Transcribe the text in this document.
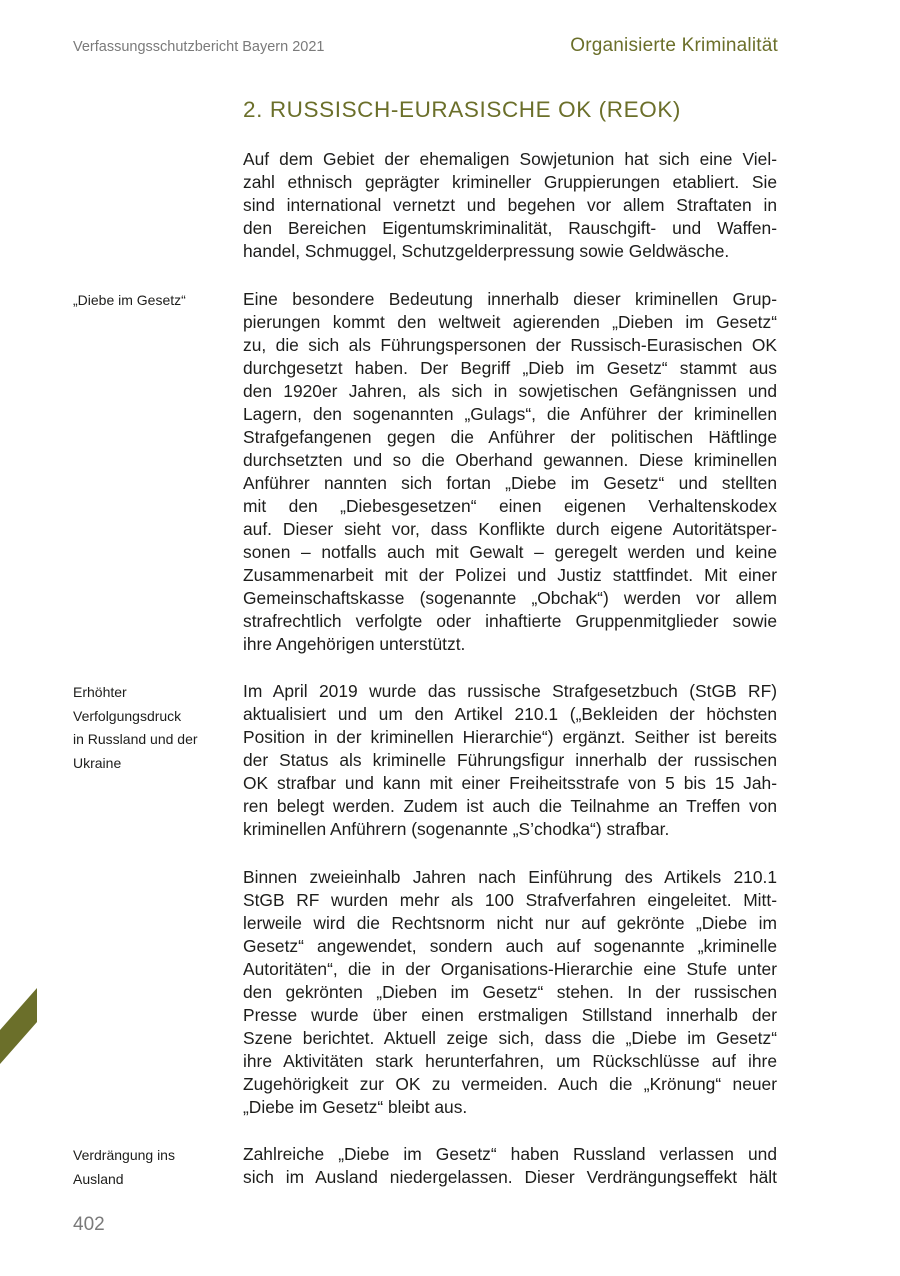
Verfassungsschutzbericht Bayern 2021	Organisierte Kriminalität
2. RUSSISCH-EURASISCHE OK (REOK)
Auf dem Gebiet der ehemaligen Sowjetunion hat sich eine Viel-
zahl ethnisch geprägter krimineller Gruppierungen etabliert. Sie
sind international vernetzt und begehen vor allem Straftaten in
den Bereichen Eigentumskriminalität, Rauschgift- und Waffen-
handel, Schmuggel, Schutzgelderpressung sowie Geldwäsche.
Eine besondere Bedeutung innerhalb dieser kriminellen Grup-
pierungen kommt den weltweit agierenden „Dieben im Gesetz“
zu, die sich als Führungspersonen der Russisch-Eurasischen OK
durchgesetzt haben. Der Begriff „Dieb im Gesetz“ stammt aus
den 1920er Jahren, als sich in sowjetischen Gefängnissen und
Lagern, den sogenannten „Gulags“, die Anführer der kriminellen
Strafgefangenen gegen die Anführer der politischen Häftlinge
durchsetzten und so die Oberhand gewannen. Diese kriminellen
Anführer nannten sich fortan „Diebe im Gesetz“ und stellten
mit den „Diebesgesetzen“ einen eigenen Verhaltenskodex
auf. Dieser sieht vor, dass Konflikte durch eigene Autoritätsper-
sonen – notfalls auch mit Gewalt – geregelt werden und keine
Zusammenarbeit mit der Polizei und Justiz stattfindet. Mit einer
Gemeinschaftskasse (sogenannte „Obchak“) werden vor allem
strafrechtlich verfolgte oder inhaftierte Gruppenmitglieder sowie
ihre Angehörigen unterstützt.
Im April 2019 wurde das russische Strafgesetzbuch (StGB RF)
aktualisiert und um den Artikel 210.1 („Bekleiden der höchsten
Position in der kriminellen Hierarchie“) ergänzt. Seither ist bereits
der Status als kriminelle Führungsfigur innerhalb der russischen
OK strafbar und kann mit einer Freiheitsstrafe von 5 bis 15 Jah-
ren belegt werden. Zudem ist auch die Teilnahme an Treffen von
kriminellen Anführern (sogenannte „S’chodka“) strafbar.
Binnen zweieinhalb Jahren nach Einführung des Artikels 210.1
StGB RF wurden mehr als 100 Strafverfahren eingeleitet. Mitt-
lerweile wird die Rechtsnorm nicht nur auf gekrönte „Diebe im
Gesetz“ angewendet, sondern auch auf sogenannte „kriminelle
Autoritäten“, die in der Organisations-Hierarchie eine Stufe unter
den gekrönten „Dieben im Gesetz“ stehen. In der russischen
Presse wurde über einen erstmaligen Stillstand innerhalb der
Szene berichtet. Aktuell zeige sich, dass die „Diebe im Gesetz“
ihre Aktivitäten stark herunterfahren, um Rückschlüsse auf ihre
Zugehörigkeit zur OK zu vermeiden. Auch die „Krönung“ neuer
„Diebe im Gesetz“ bleibt aus.
Zahlreiche „Diebe im Gesetz“ haben Russland verlassen und
sich im Ausland niedergelassen. Dieser Verdrängungseffekt hält
„Diebe im Gesetz“
Erhöhter
Verfolgungsdruck
in Russland und der
Ukraine
Verdrängung ins
Ausland
402
